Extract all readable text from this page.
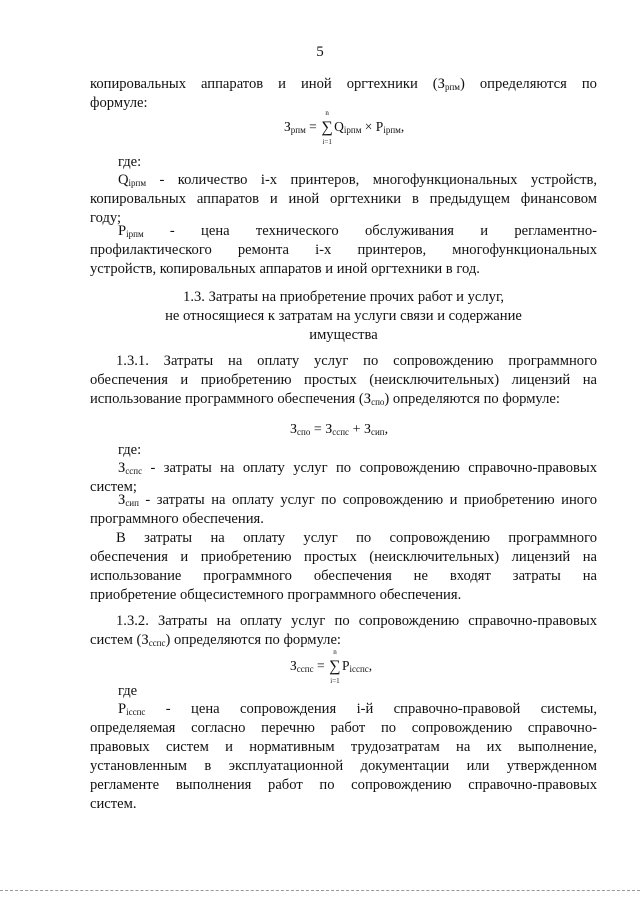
5
копировальных аппаратов и иной оргтехники $(З_{рпм})$ определяются по
формуле:
$З_{рпм}$ = ∑
n
i=1
$Q_{iрпм} \times P_{iрпм}$,
где:
$Q_{iрпм}$ - количество i-х принтеров, многофункциональных устройств,
копировальных аппаратов и иной оргтехники в предыдущем финансовом
году;
$P_{iрпм}$ - цена технического обслуживания и регламентно-
профилактического ремонта i-х принтеров, многофункциональных
устройств, копировальных аппаратов и иной оргтехники в год.
1.3. Затраты на приобретение прочих работ и услуг,
не относящиеся к затратам на услуги связи и содержание
имущества
1.3.1. Затраты на оплату услуг по сопровождению программного
обеспечения и приобретению простых (неисключительных) лицензий на
использование программного обеспечения $(З_{спо})$ определяются по формуле:
$З_{спо} = З_{сспс} + З_{сип}$,
где:
$З_{сспс}$ - затраты на оплату услуг по сопровождению справочно-правовых
систем;
$З_{сип}$ - затраты на оплату услуг по сопровождению и приобретению иного
программного обеспечения.
В затраты на оплату услуг по сопровождению программного
обеспечения и приобретению простых (неисключительных) лицензий на
использование программного обеспечения не входят затраты на
приобретение общесистемного программного обеспечения.
1.3.2. Затраты на оплату услуг по сопровождению справочно-правовых
систем $(З_{сспс})$ определяются по формуле:
$З_{сспс}$ = ∑
n
i=1
$P_{iсспс}$,
где
$P_{iсспс}$ - цена сопровождения i-й справочно-правовой системы,
определяемая согласно перечню работ по сопровождению справочно-
правовых систем и нормативным трудозатратам на их выполнение,
установленным в эксплуатационной документации или утвержденном
регламенте выполнения работ по сопровождению справочно-правовых
систем.
